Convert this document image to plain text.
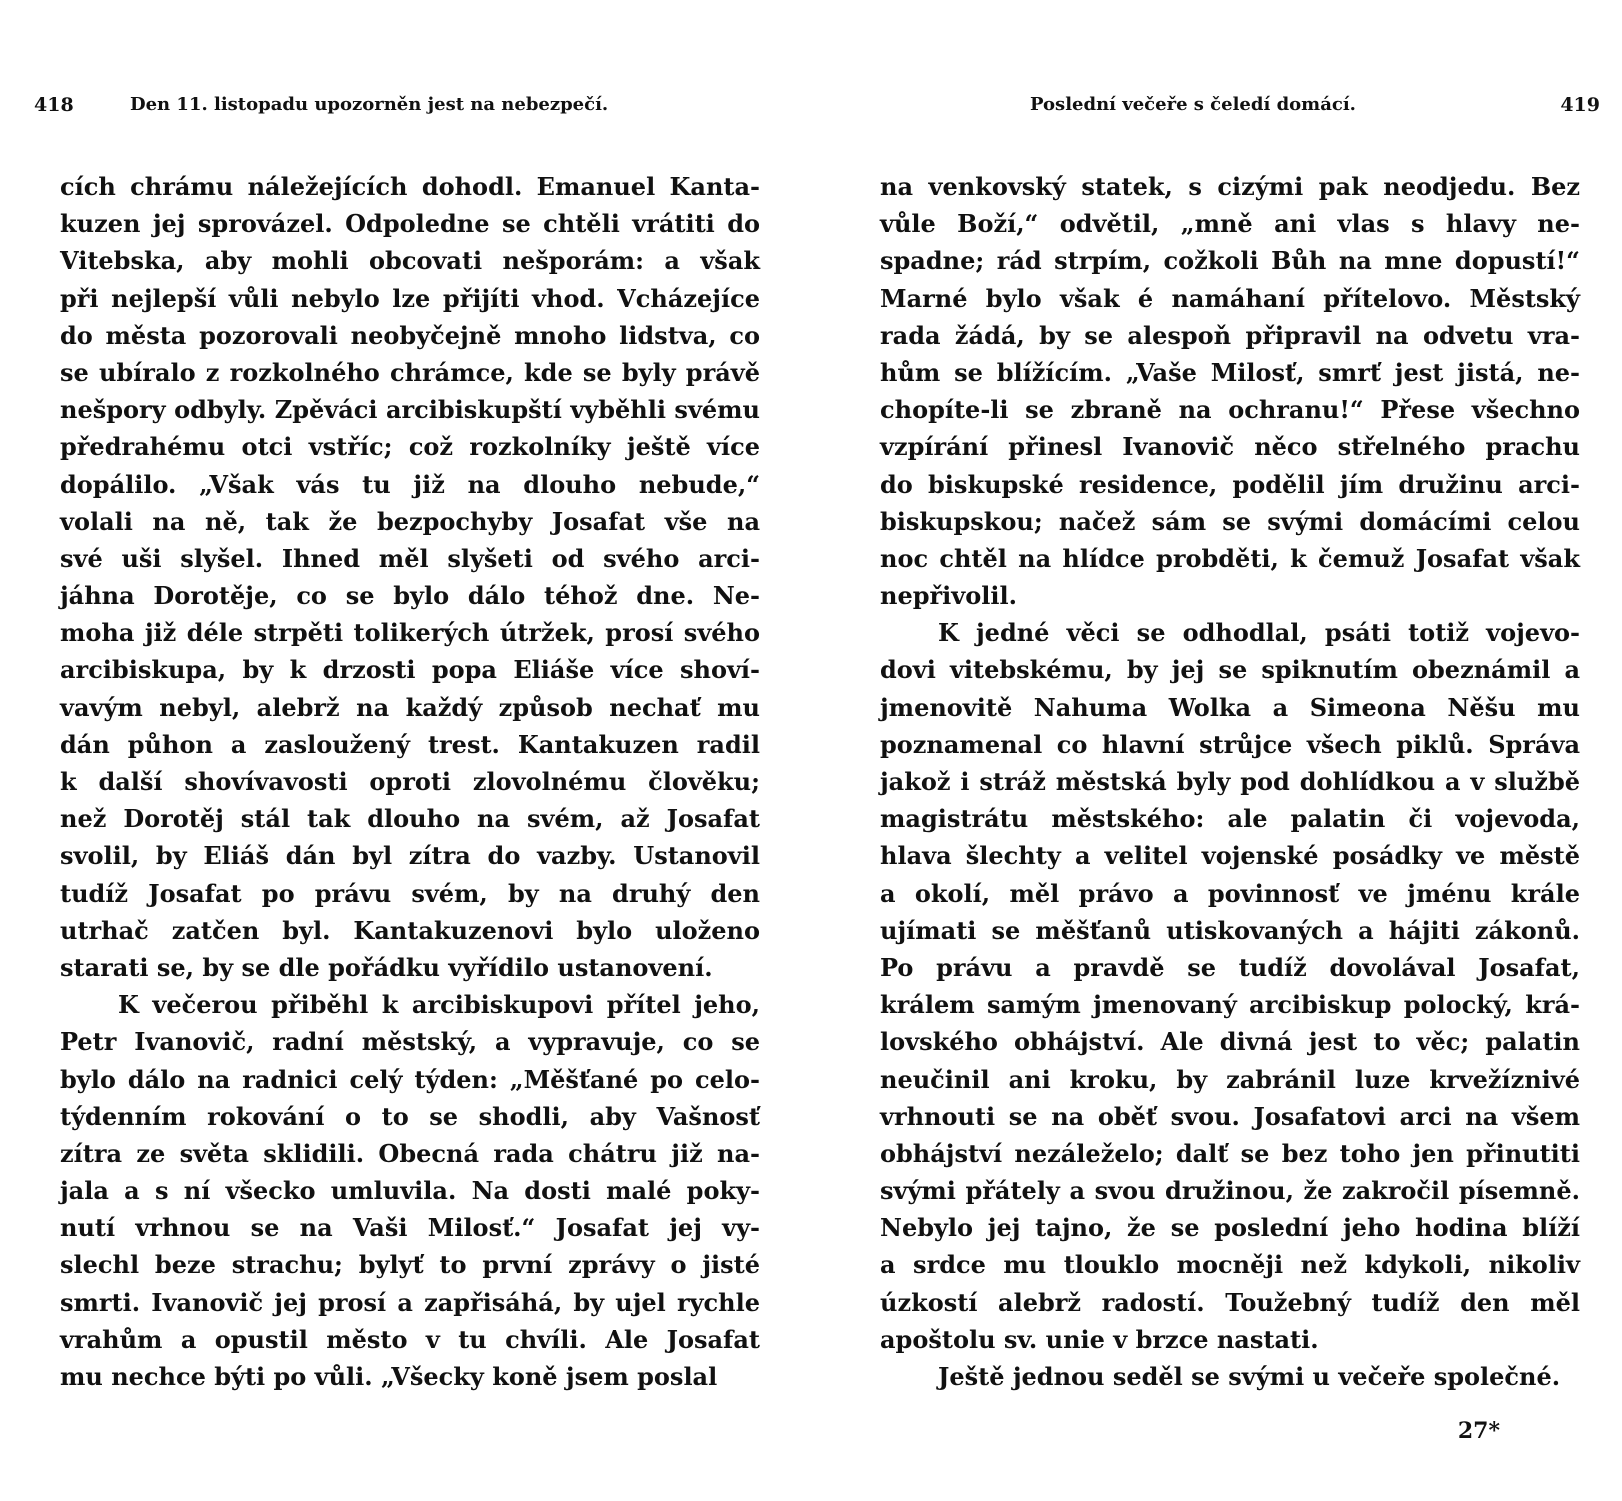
418	Den 11. listopadu upozorněn jest na nebezpečí.
cích chrámu náležejících dohodl. Emanuel Kanta-
kuzen jej sprovázel. Odpoledne se chtěli vrátiti do
Vitebska, aby mohli obcovati nešporám: a však
při nejlepší vůli nebylo lze přijíti vhod. Vcházejíce
do města pozorovali neobyčejně mnoho lidstva, co
se ubíralo z rozkolného chrámce, kde se byly právě
nešpory odbyly. Zpěváci arcibiskupští vyběhli svému
předrahému otci vstříc; což rozkolníky ještě více
dopálilo. „Však vás tu již na dlouho nebude,“
volali na ně, tak že bezpochyby Josafat vše na
své uši slyšel. Ihned měl slyšeti od svého arci-
jáhna Dorotěje, co se bylo dálo téhož dne. Ne-
moha již déle strpěti tolikerých útržek, prosí svého
arcibiskupa, by k drzosti popa Eliáše více shoví-
vavým nebyl, alebrž na každý způsob nechať mu
dán půhon a zasloužený trest. Kantakuzen radil
k další shovívavosti oproti zlovolnému člověku;
než Dorotěj stál tak dlouho na svém, až Josafat
svolil, by Eliáš dán byl zítra do vazby. Ustanovil
tudíž Josafat po právu svém, by na druhý den
utrhač zatčen byl. Kantakuzenovi bylo uloženo
starati se, by se dle pořádku vyřídilo ustanovení.
K večerou přiběhl k arcibiskupovi přítel jeho,
Petr Ivanovič, radní městský, a vypravuje, co se
bylo dálo na radnici celý týden: „Měšťané po celo-
týdenním rokování o to se shodli, aby Vašnosť
zítra ze světa sklidili. Obecná rada chátru již na-
jala a s ní všecko umluvila. Na dosti malé poky-
nutí vrhnou se na Vaši Milosť.“ Josafat jej vy-
slechl beze strachu; bylyť to první zprávy o jisté
smrti. Ivanovič jej prosí a zapřisáhá, by ujel rychle
vrahům a opustil město v tu chvíli. Ale Josafat
mu nechce býti po vůli. „Všecky koně jsem poslal
Poslední večeře s čeledí domácí.	419
na venkovský statek, s cizými pak neodjedu. Bez
vůle Boží,“ odvětil, „mně ani vlas s hlavy ne-
spadne; rád strpím, cožkoli Bůh na mne dopustí!“
Marné bylo však é namáhaní přítelovo. Městský
rada žádá, by se alespoň připravil na odvetu vra-
hům se blížícím. „Vaše Milosť, smrť jest jistá, ne-
chopíte-li se zbraně na ochranu!“ Přese všechno
vzpírání přinesl Ivanovič něco střelného prachu
do biskupské residence, podělil jím družinu arci-
biskupskou; načež sám se svými domácími celou
noc chtěl na hlídce probděti, k čemuž Josafat však
nepřivolil.
K jedné věci se odhodlal, psáti totiž vojevo-
dovi vitebskému, by jej se spiknutím obeznámil a
jmenovitě Nahuma Wolka a Simeona Něšu mu
poznamenal co hlavní strůjce všech piklů. Správa
jakož i stráž městská byly pod dohlídkou a v službě
magistrátu městského: ale palatin či vojevoda,
hlava šlechty a velitel vojenské posádky ve městě
a okolí, měl právo a povinnosť ve jménu krále
ujímati se měšťanů utiskovaných a hájiti zákonů.
Po právu a pravdě se tudíž dovolával Josafat,
králem samým jmenovaný arcibiskup polocký, krá-
lovského obhájství. Ale divná jest to věc; palatin
neučinil ani kroku, by zabránil luze krvežíznivé
vrhnouti se na oběť svou. Josafatovi arci na všem
obhájství nezáleželo; dalť se bez toho jen přinutiti
svými přátely a svou družinou, že zakročil písemně.
Nebylo jej tajno, že se poslední jeho hodina blíží
a srdce mu tlouklo mocněji než kdykoli, nikoliv
úzkostí alebrž radostí. Toužebný tudíž den měl
apoštolu sv. unie v brzce nastati.
Ještě jednou seděl se svými u večeře společné.
27*
